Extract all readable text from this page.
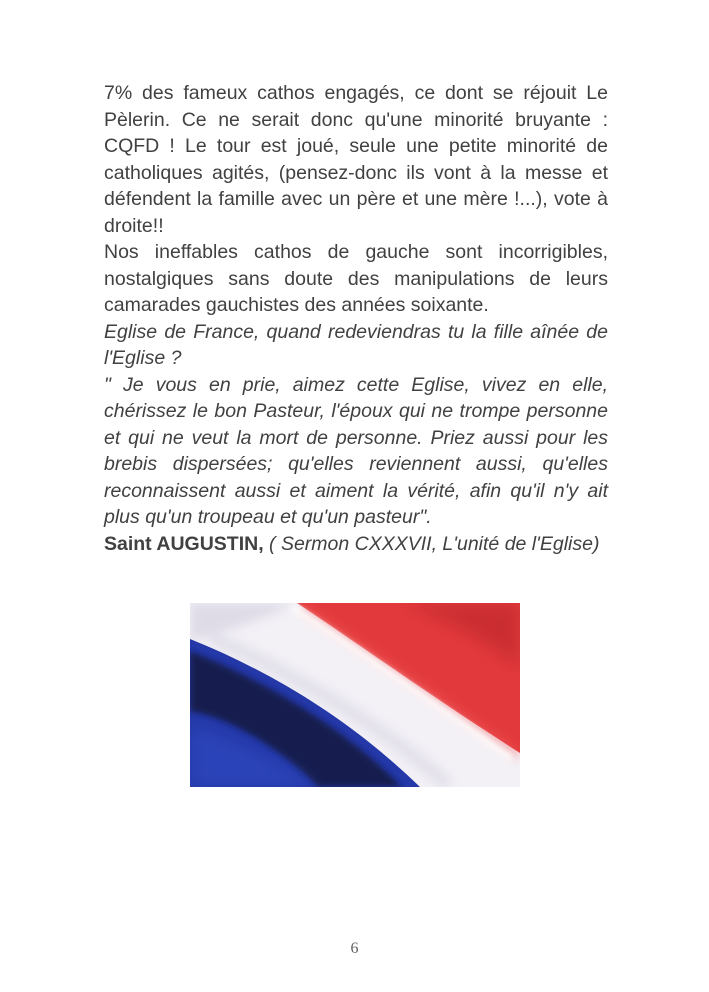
7% des fameux cathos engagés, ce dont se réjouit Le Pèlerin. Ce ne serait donc qu'une minorité bruyante : CQFD ! Le tour est joué, seule une petite minorité de catholiques agités, (pensez-donc ils vont à la messe et défendent la famille avec un père et une mère !...), vote à droite!!

Nos ineffables cathos de gauche sont incorrigibles, nostalgiques sans doute des manipulations de leurs camarades gauchistes des années soixante.

Eglise de France, quand redeviendras tu la fille aînée de l'Eglise ?

" Je vous en prie, aimez cette Eglise, vivez en elle, chérissez le bon Pasteur, l'époux qui ne trompe personne et qui ne veut la mort de personne. Priez aussi pour les brebis dispersées; qu'elles reviennent aussi, qu'elles reconnaissent aussi et aiment la vérité, afin qu'il n'y ait plus qu'un troupeau et qu'un pasteur".

Saint AUGUSTIN, ( Sermon CXXXVII, L'unité de l'Eglise)

6
